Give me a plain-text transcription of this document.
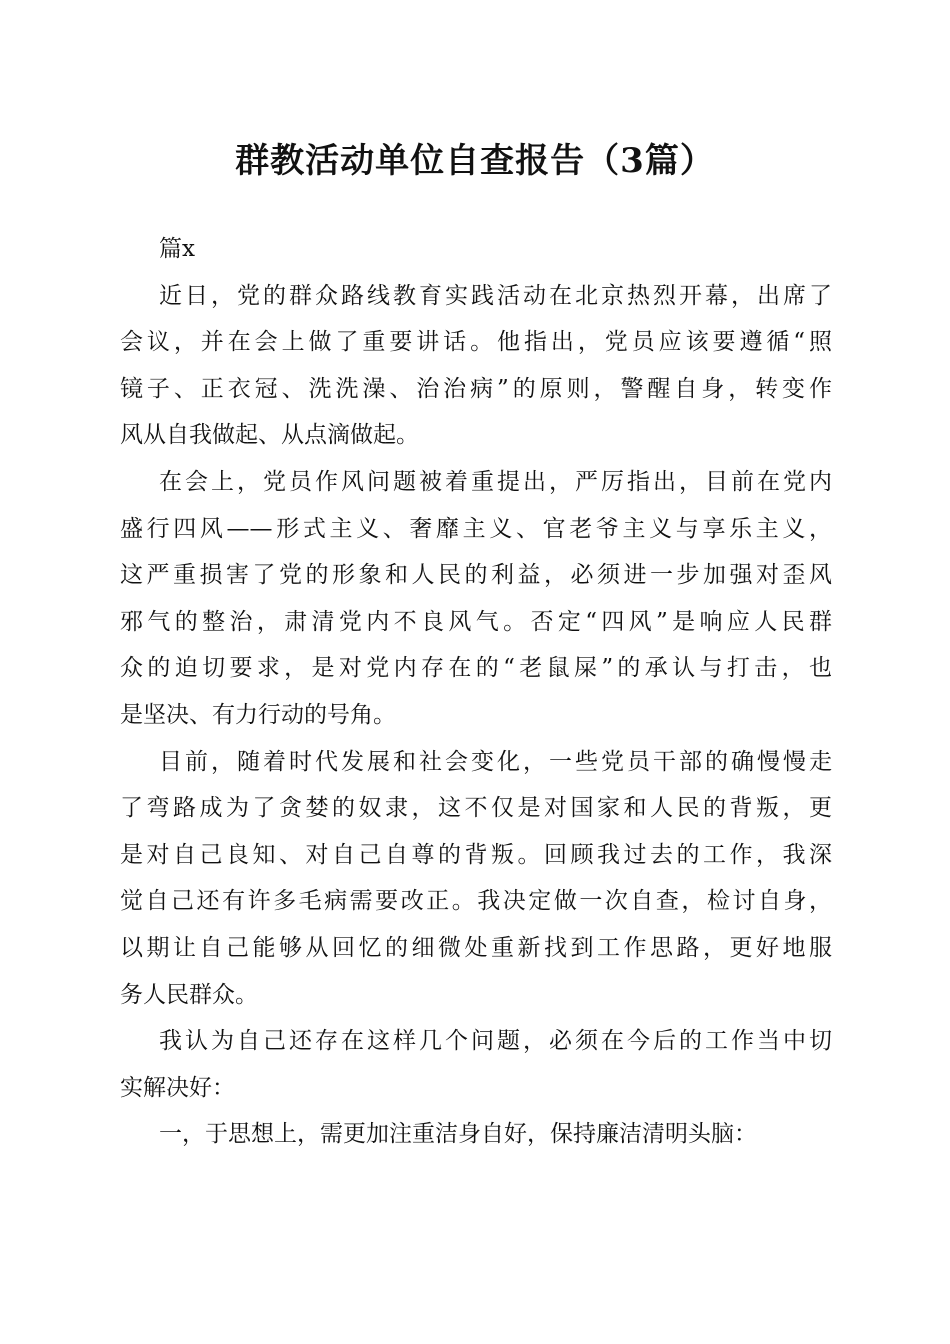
群教活动单位自查报告（3篇）
篇x
近日，党的群众路线教育实践活动在北京热烈开幕，出席了
会议，并在会上做了重要讲话。他指出，党员应该要遵循“照
镜子、正衣冠、洗洗澡、治治病”的原则，警醒自身，转变作
风从自我做起、从点滴做起。
在会上，党员作风问题被着重提出，严厉指出，目前在党内
盛行四风——形式主义、奢靡主义、官老爷主义与享乐主义，
这严重损害了党的形象和人民的利益，必须进一步加强对歪风
邪气的整治，肃清党内不良风气。否定“四风”是响应人民群
众的迫切要求，是对党内存在的“老鼠屎”的承认与打击，也
是坚决、有力行动的号角。
目前，随着时代发展和社会变化，一些党员干部的确慢慢走
了弯路成为了贪婪的奴隶，这不仅是对国家和人民的背叛，更
是对自己良知、对自己自尊的背叛。回顾我过去的工作，我深
觉自己还有许多毛病需要改正。我决定做一次自查，检讨自身，
以期让自己能够从回忆的细微处重新找到工作思路，更好地服
务人民群众。
我认为自己还存在这样几个问题，必须在今后的工作当中切
实解决好：
一，于思想上，需更加注重洁身自好，保持廉洁清明头脑：
